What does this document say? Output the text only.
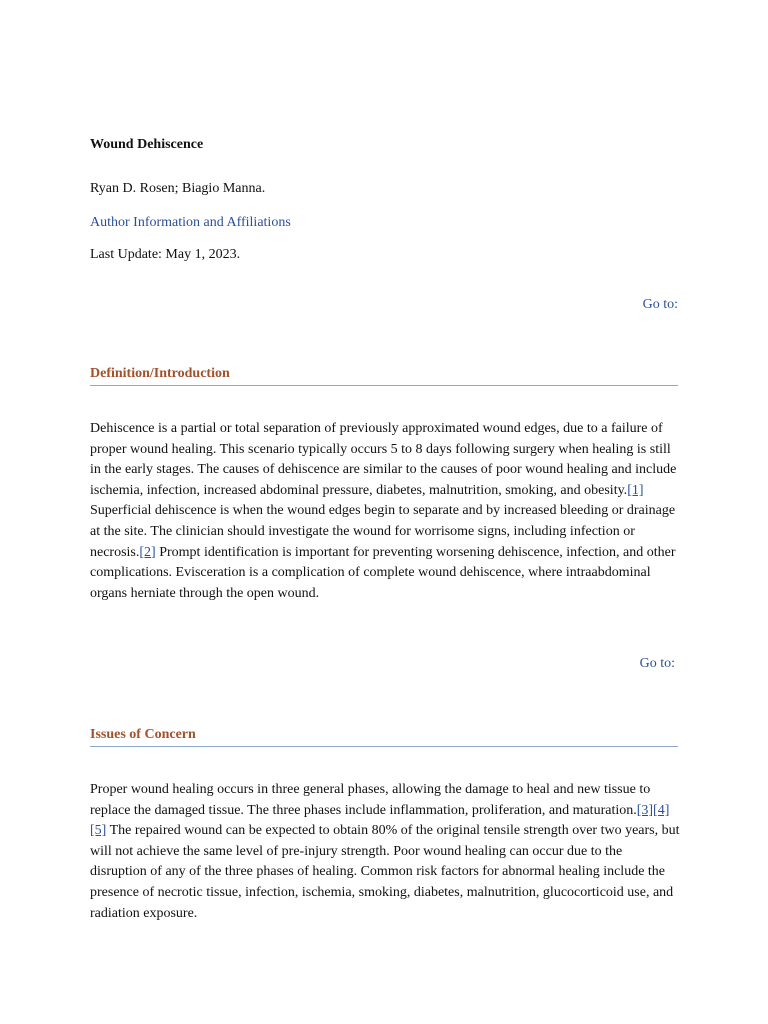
Wound Dehiscence
Ryan D. Rosen; Biagio Manna.
Author Information and Affiliations
Last Update: May 1, 2023.
Go to:
Definition/Introduction
Dehiscence is a partial or total separation of previously approximated wound edges, due to a failure of proper wound healing. This scenario typically occurs 5 to 8 days following surgery when healing is still in the early stages. The causes of dehiscence are similar to the causes of poor wound healing and include ischemia, infection, increased abdominal pressure, diabetes, malnutrition, smoking, and obesity.[1] Superficial dehiscence is when the wound edges begin to separate and by increased bleeding or drainage at the site. The clinician should investigate the wound for worrisome signs, including infection or necrosis.[2] Prompt identification is important for preventing worsening dehiscence, infection, and other complications. Evisceration is a complication of complete wound dehiscence, where intraabdominal organs herniate through the open wound.
Go to:
Issues of Concern
Proper wound healing occurs in three general phases, allowing the damage to heal and new tissue to replace the damaged tissue. The three phases include inflammation, proliferation, and maturation.[3][4][5] The repaired wound can be expected to obtain 80% of the original tensile strength over two years, but will not achieve the same level of pre-injury strength. Poor wound healing can occur due to the disruption of any of the three phases of healing. Common risk factors for abnormal healing include the presence of necrotic tissue, infection, ischemia, smoking, diabetes, malnutrition, glucocorticoid use, and radiation exposure.
